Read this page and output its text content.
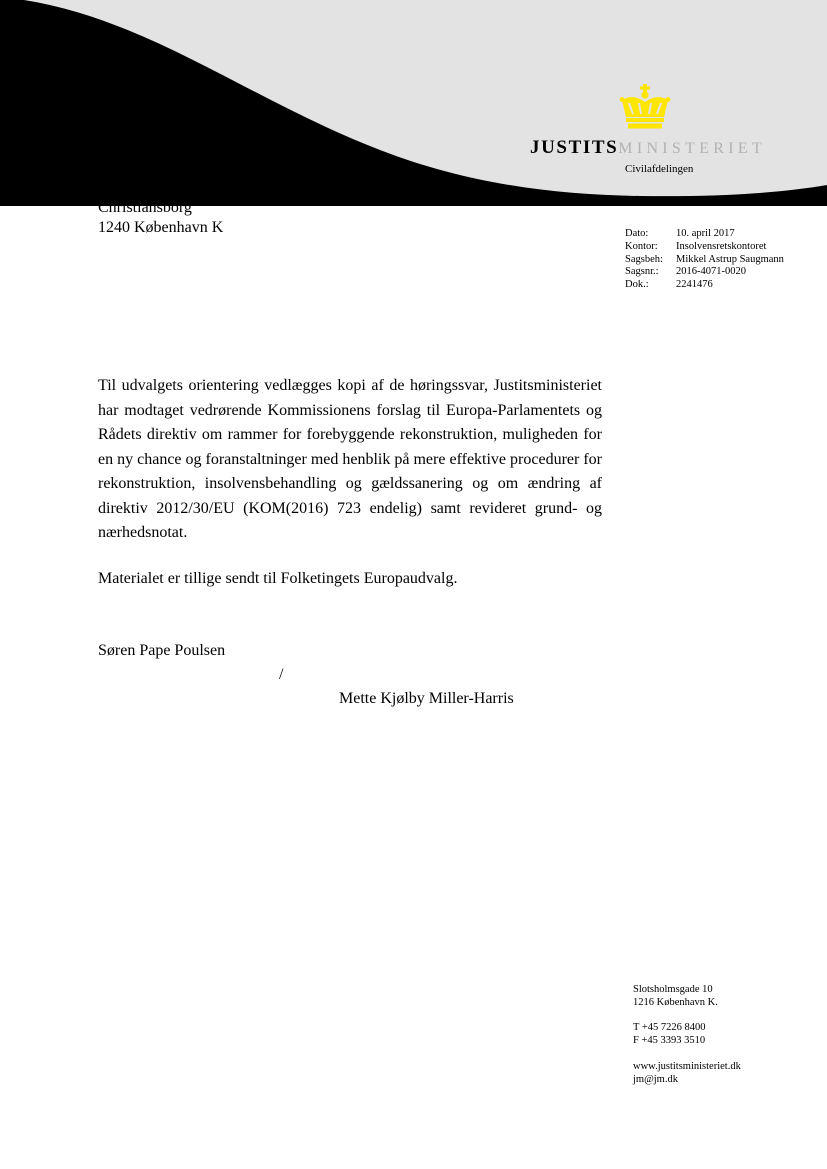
JUSTITSMINISTERIET
Civilafdelingen
Christiansborg
1240 København K	Dato:	10. april 2017
Kontor:	Insolvensretskontoret
Sagsbeh:	Mikkel Astrup Saugmann
Sagsnr.:	2016-4071-0020
Dok.:	2241476

Til udvalgets orientering vedlægges kopi af de høringssvar, Justitsministeriet har modtaget vedrørende Kommissionens forslag til Europa-Parlamentets og Rådets direktiv om rammer for forebyggende rekonstruktion, muligheden for en ny chance og foranstaltninger med henblik på mere effektive procedurer for rekonstruktion, insolvensbehandling og gældssanering og om ændring af direktiv 2012/30/EU (KOM(2016) 723 endelig) samt revideret grund- og nærhedsnotat.

Materialet er tillige sendt til Folketingets Europaudvalg.

Søren Pape Poulsen
/
Mette Kjølby Miller-Harris
Slotsholmsgade 10
1216 København K.
T +45 7226 8400
F +45 3393 3510
www.justitsministeriet.dk
jm@jm.dk
